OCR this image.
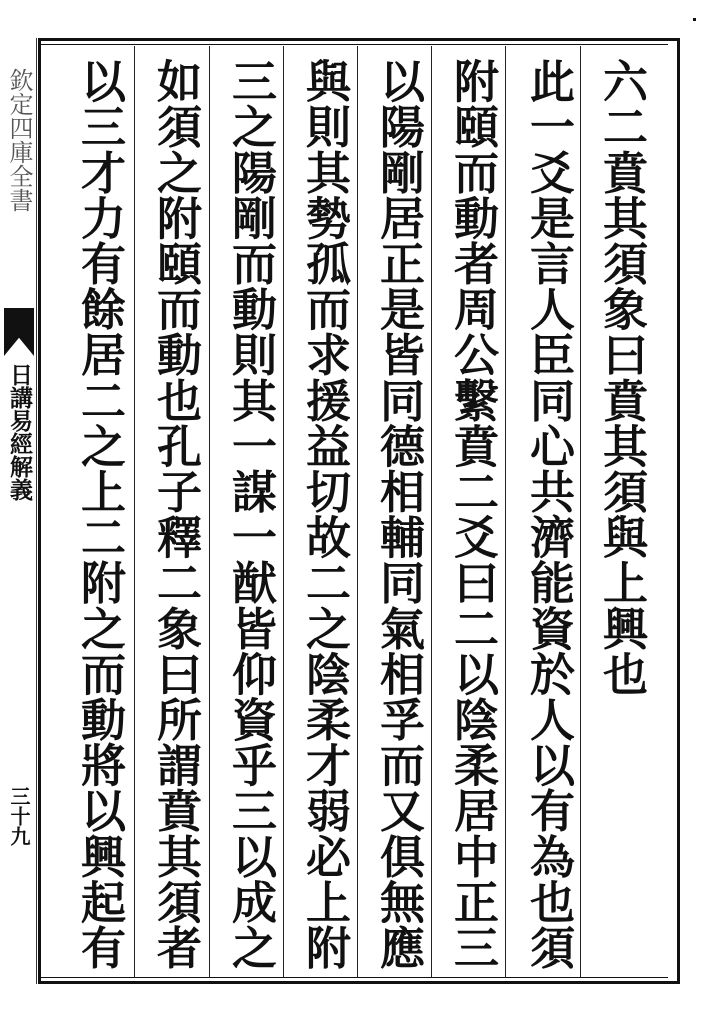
欽定四庫全書
日講易經解義
三十九
六二賁其須象曰賁其須與上興也
此一爻是言人臣同心共濟能資於人以有為也須
附頤而動者周公繫賁二爻曰二以陰柔居中正三
以陽剛居正是皆同德相輔同氣相孚而又俱無應
與則其勢孤而求援益切故二之陰柔才弱必上附
三之陽剛而動則其一謀一猷皆仰資乎三以成之
如須之附頤而動也孔子釋二象曰所謂賁其須者
以三才力有餘居二之上二附之而動將以興起有
